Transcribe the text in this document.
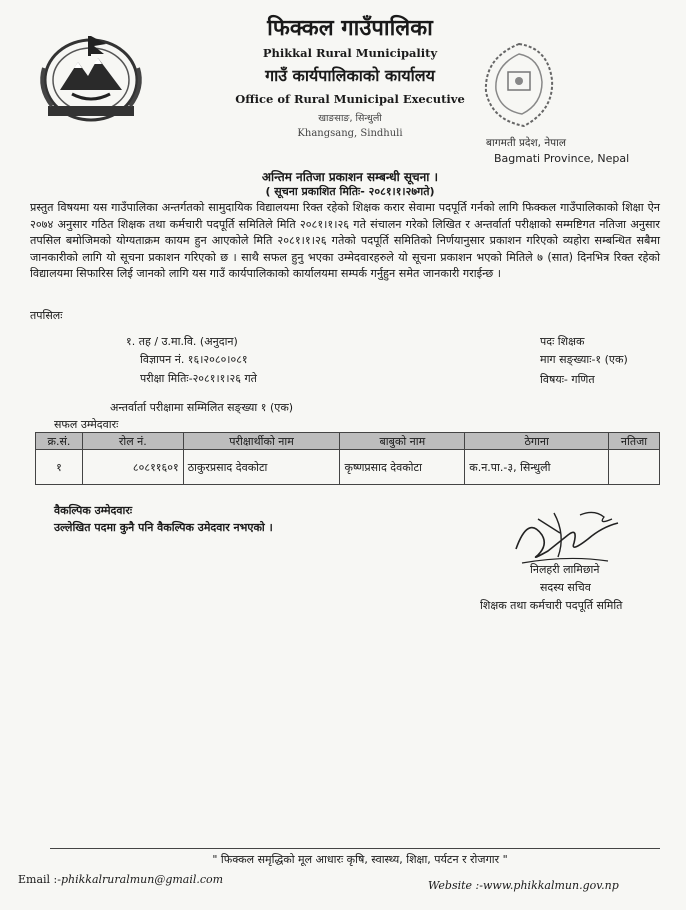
फिक्कल गाउँपालिका
Phikkal Rural Municipality
गाउँ कार्यपालिकाको कार्यालय
Office of Rural Municipal Executive
खाङसाङ, सिन्धुली
Khangsang, Sindhuli
बागमती प्रदेश, नेपाल
Bagmati Province, Nepal
अन्तिम नतिजा प्रकाशन सम्बन्धी सूचना ।
( सूचना प्रकाशित मितिः- २०८१।१।२७गते)
प्रस्तुत विषयमा यस गाउँपालिका अन्तर्गतको सामुदायिक विद्यालयमा रिक्त रहेको शिक्षक करार सेवामा पदपूर्ति गर्नको लागि फिक्कल गाउँपालिकाको शिक्षा ऐन २०७४ अनुसार गठित शिक्षक तथा कर्मचारी पदपूर्ति समितिले मिति २०८१।१।२६ गते संचालन गरेको लिखित र अन्तर्वार्ता परीक्षाको सम्मष्टिगत नतिजा अनुसार तपसिल बमोजिमको योग्यताक्रम कायम हुन आएकोले मिति २०८१।१।२६ गतेको पदपूर्ति समितिको निर्णयानुसार प्रकाशन गरिएको व्यहोरा सम्बन्धित सबैमा जानकारीको लागि यो सूचना प्रकाशन गरिएको छ । साथै सफल हुनु भएका उम्मेदवारहरुले यो सूचना प्रकाशन भएको मितिले ७ (सात) दिनभित्र रिक्त रहेको विद्यालयमा सिफारिस लिई जानको लागि यस गाउँ कार्यपालिकाको कार्यालयमा सम्पर्क गर्नुहुन समेत जानकारी गराईन्छ ।
तपसिलः
१. तह / उ.मा.वि. (अनुदान)
विज्ञापन नं. १६।२०८०।०८१
परीक्षा मितिः-२०८१।१।२६ गते
पदः शिक्षक
माग सङ्ख्याः-१ (एक)
विषयः- गणित
अन्तर्वार्ता परीक्षामा सम्मिलित सङ्ख्या १ (एक)
सफल उम्मेदवारः
क्र.सं.	रोल नं.	परीक्षार्थीको नाम	बाबुको नाम	ठेगाना	नतिजा
१	८०८११६०१	ठाकुरप्रसाद देवकोटा	कृष्णप्रसाद देवकोटा	क.न.पा.-३, सिन्धुली	
वैकल्पिक उम्मेदवारः
उल्लेखित पदमा कुनै पनि वैकल्पिक उमेदवार नभएको ।
निलहरी लामिछाने
सदस्य सचिव
शिक्षक तथा कर्मचारी पदपूर्ति समिति
" फिक्कल समृद्धिको मूल आधारः कृषि, स्वास्थ्य, शिक्षा, पर्यटन र रोजगार "
Email :-phikkalruralmun@gmail.com	Website :-www.phikkalmun.gov.np
